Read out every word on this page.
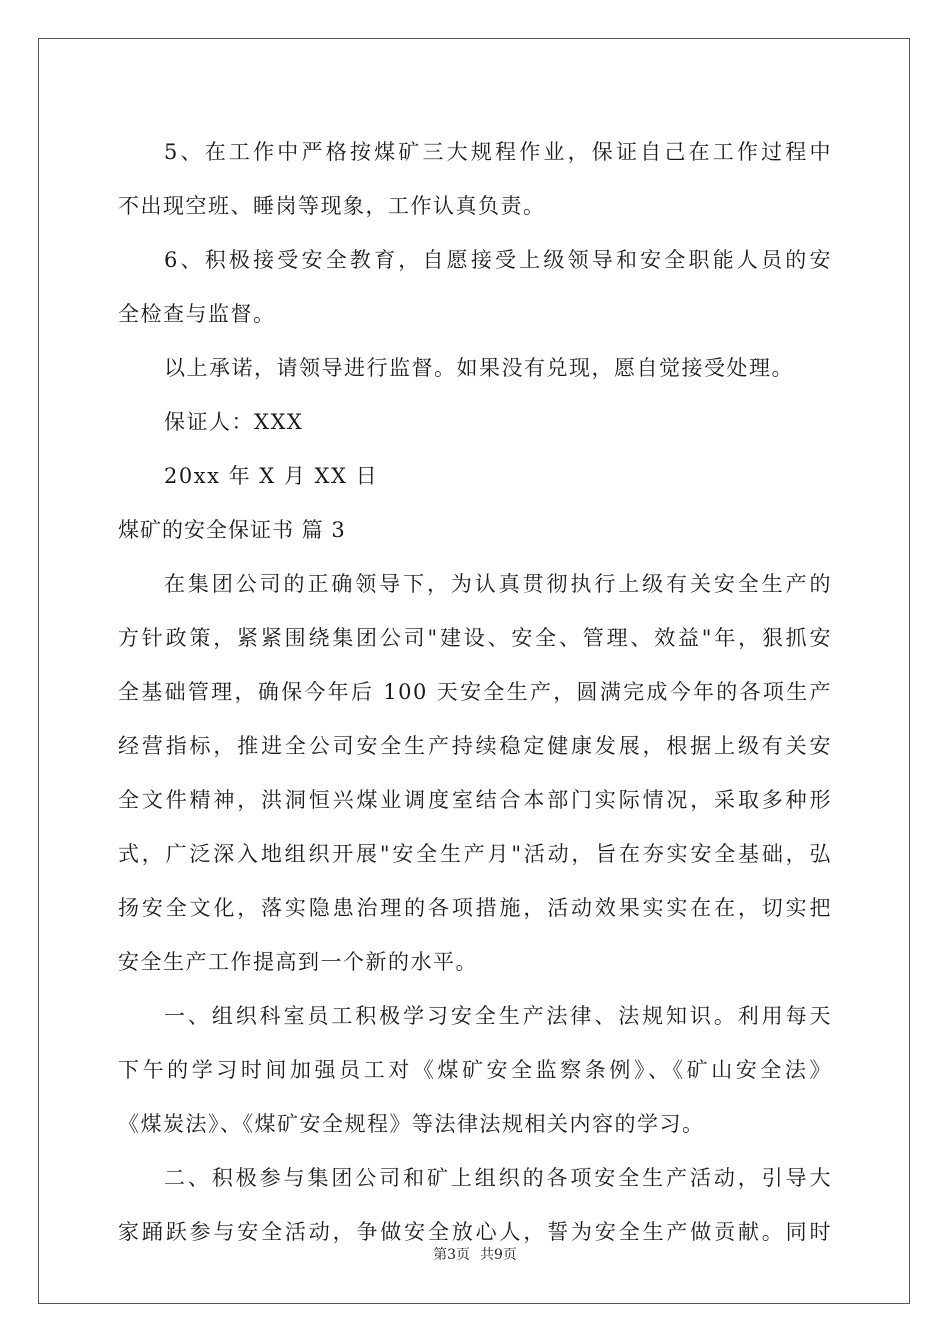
5、在工作中严格按煤矿三大规程作业，保证自己在工作过程中
不出现空班、睡岗等现象，工作认真负责。
6、积极接受安全教育，自愿接受上级领导和安全职能人员的安
全检查与监督。
以上承诺，请领导进行监督。如果没有兑现，愿自觉接受处理。
保证人：XXX
20xx 年 X 月 XX 日
煤矿的安全保证书 篇 3
在集团公司的正确领导下，为认真贯彻执行上级有关安全生产的
方针政策，紧紧围绕集团公司"建设、安全、管理、效益"年，狠抓安
全基础管理，确保今年后 100 天安全生产，圆满完成今年的各项生产
经营指标，推进全公司安全生产持续稳定健康发展，根据上级有关安
全文件精神，洪洞恒兴煤业调度室结合本部门实际情况，采取多种形
式，广泛深入地组织开展"安全生产月"活动，旨在夯实安全基础，弘
扬安全文化，落实隐患治理的各项措施，活动效果实实在在，切实把
安全生产工作提高到一个新的水平。
一、组织科室员工积极学习安全生产法律、法规知识。利用每天
下午的学习时间加强员工对《煤矿安全监察条例》、《矿山安全法》
《煤炭法》、《煤矿安全规程》等法律法规相关内容的学习。
二、积极参与集团公司和矿上组织的各项安全生产活动，引导大
家踊跃参与安全活动，争做安全放心人，誓为安全生产做贡献。同时
第3页 共9页
